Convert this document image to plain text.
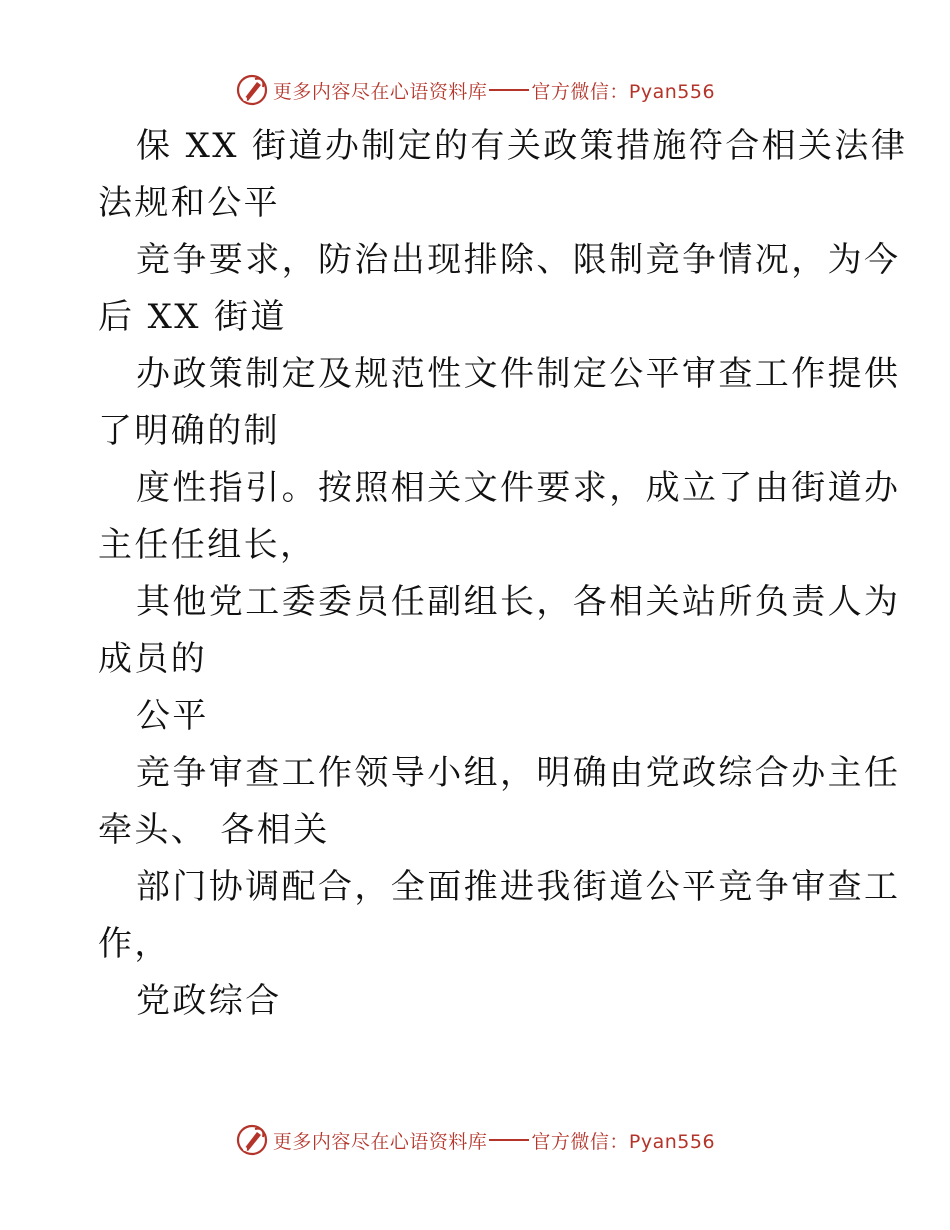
更多内容尽在心语资料库 官方微信：Pyan556
保 XX 街道办制定的有关政策措施符合相关法律
法规和公平
竞争要求，防治出现排除、限制竞争情况，为今
后 XX 街道
办政策制定及规范性文件制定公平审查工作提供
了明确的制
度性指引。按照相关文件要求，成立了由街道办
主任任组长，
其他党工委委员任副组长，各相关站所负责人为
成员的
公平
竞争审查工作领导小组，明确由党政综合办主任
牵头、 各相关
部门协调配合，全面推进我街道公平竞争审查工
作，
党政综合
更多内容尽在心语资料库 官方微信：Pyan556
